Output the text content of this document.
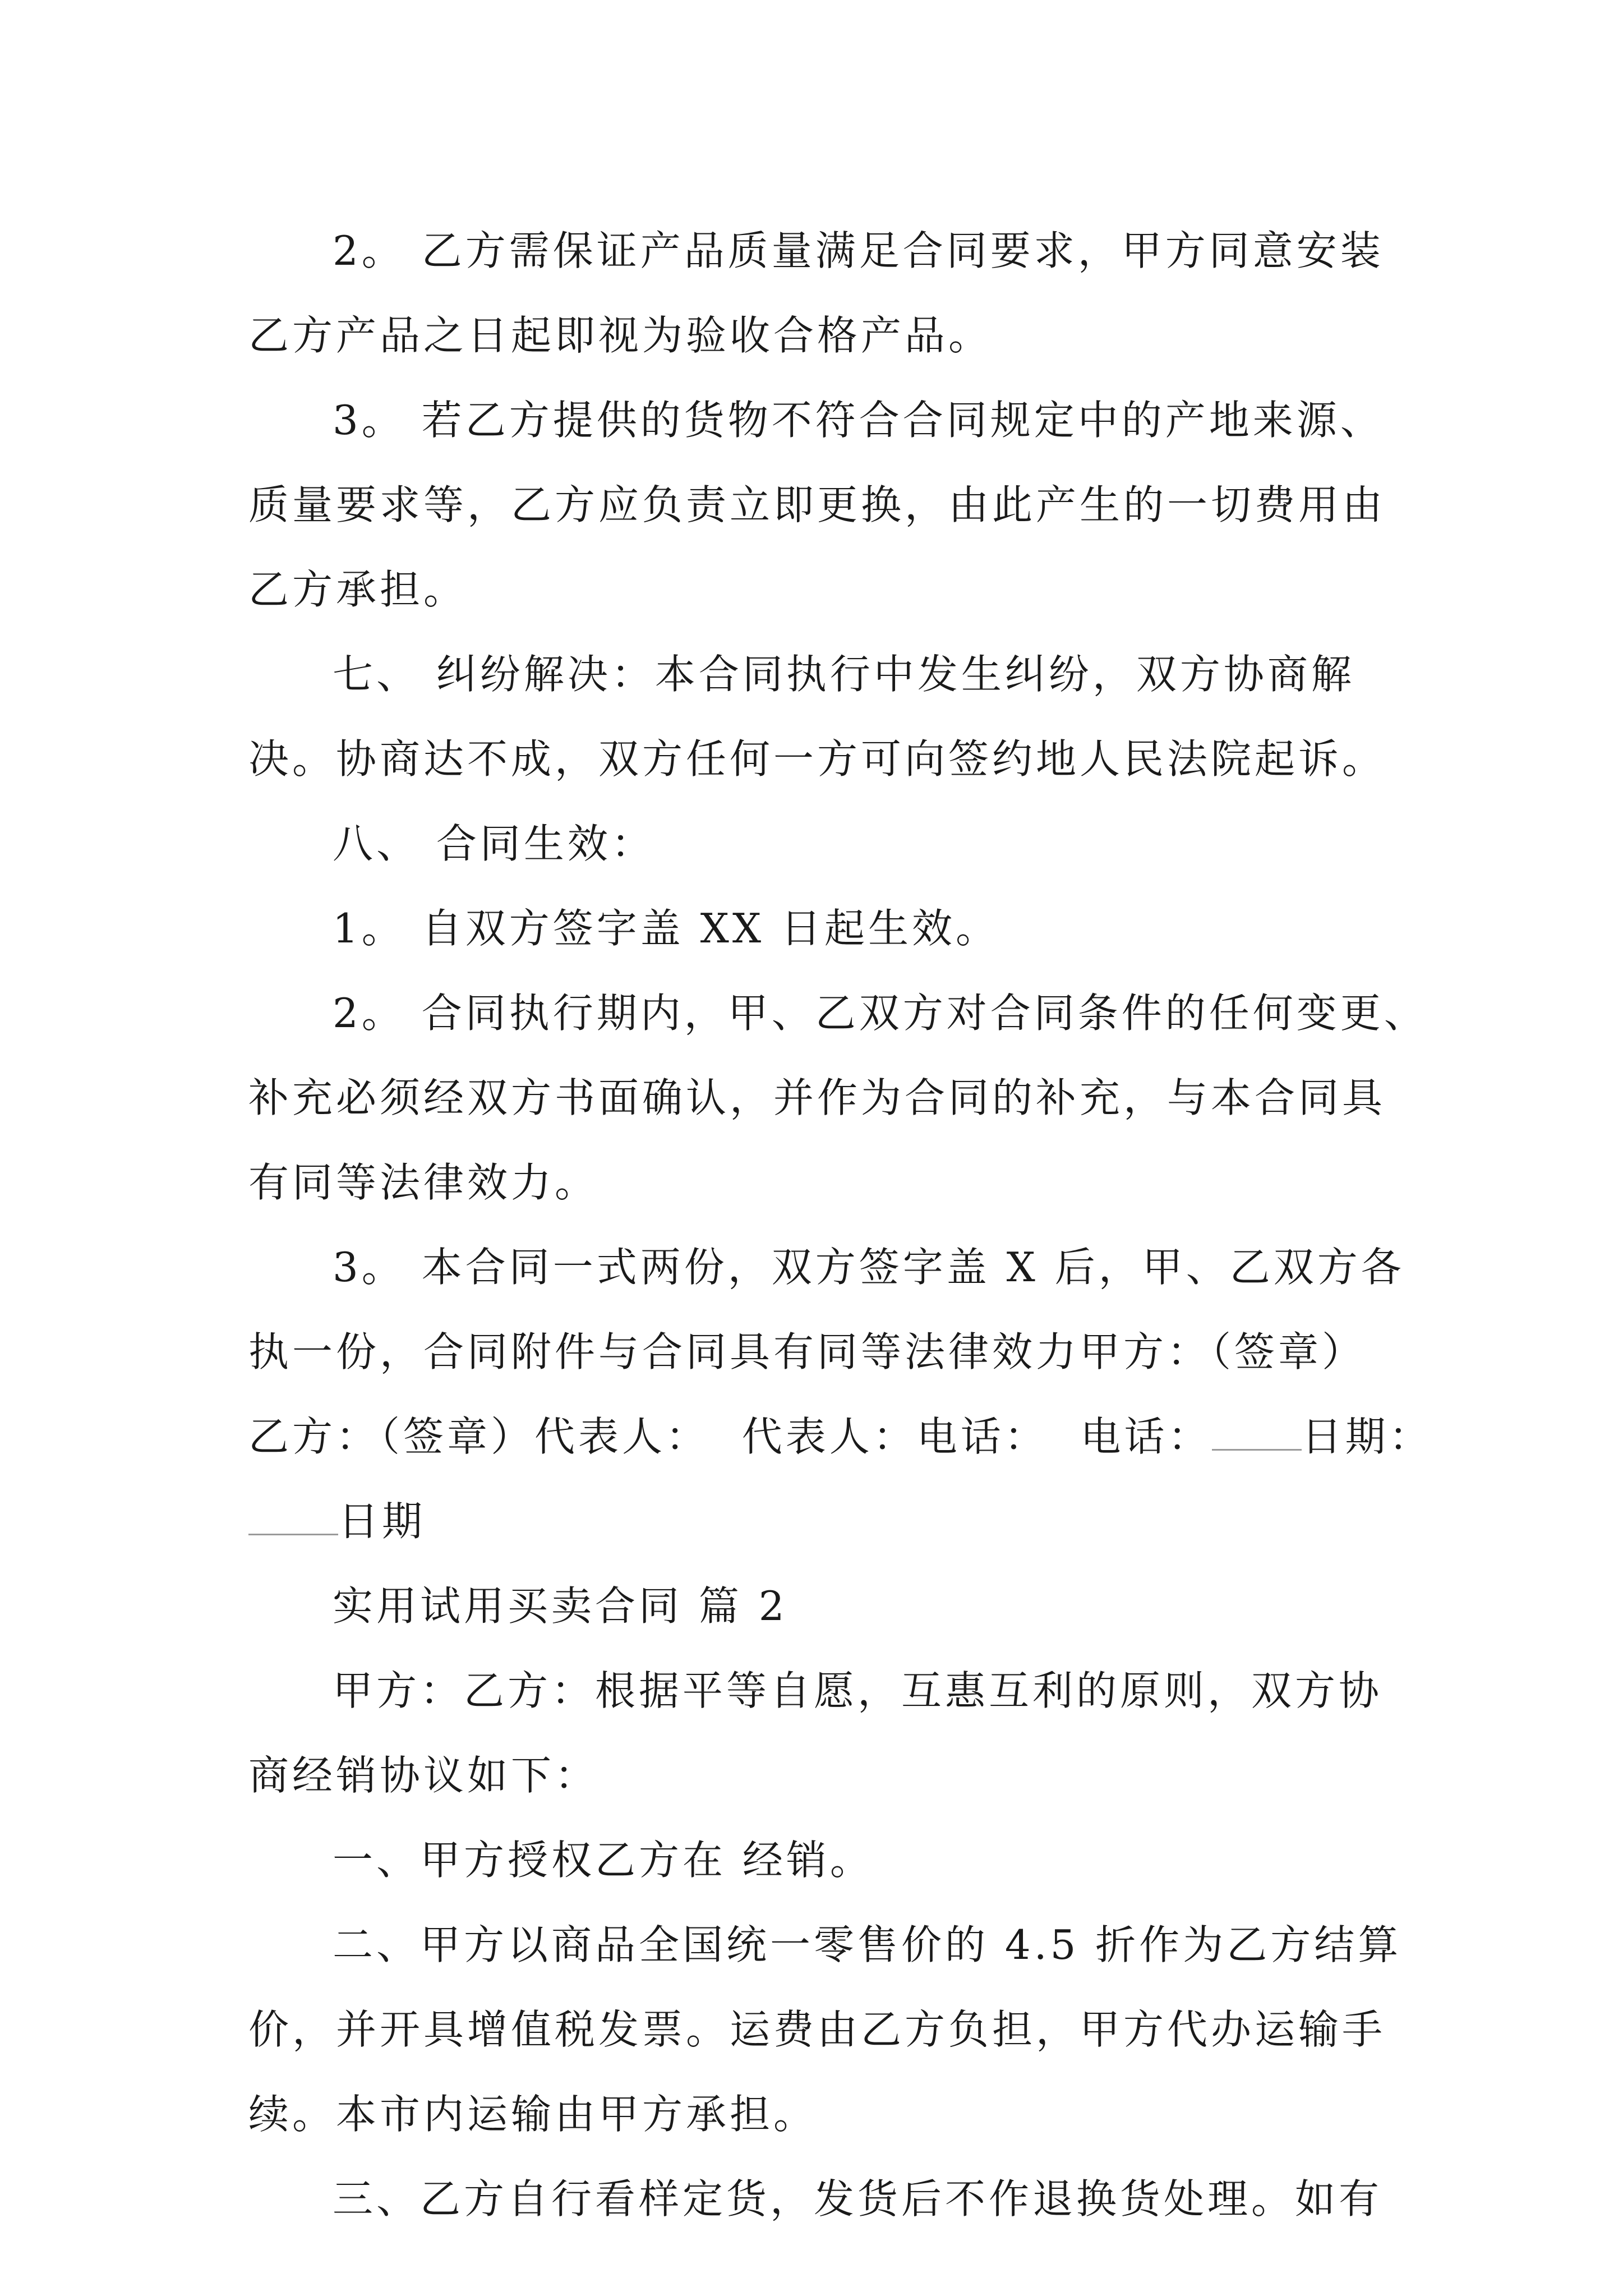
2。 乙方需保证产品质量满足合同要求，甲方同意安装
乙方产品之日起即视为验收合格产品。
3。 若乙方提供的货物不符合合同规定中的产地来源、
质量要求等，乙方应负责立即更换，由此产生的一切费用由
乙方承担。
七、 纠纷解决：本合同执行中发生纠纷，双方协商解
决。协商达不成，双方任何一方可向签约地人民法院起诉。
八、 合同生效：
1。 自双方签字盖 XX 日起生效。
2。 合同执行期内，甲、乙双方对合同条件的任何变更、
补充必须经双方书面确认，并作为合同的补充，与本合同具
有同等法律效力。
3。 本合同一式两份，双方签字盖 X 后，甲、乙双方各
执一份，合同附件与合同具有同等法律效力甲方：（签章）
乙方：（签章）代表人：  代表人：电话：  电话： 日期：
日期
实用试用买卖合同 篇 2
甲方：乙方：根据平等自愿，互惠互利的原则，双方协
商经销协议如下：
一、甲方授权乙方在 经销。
二、甲方以商品全国统一零售价的 4.5 折作为乙方结算
价，并开具增值税发票。运费由乙方负担，甲方代办运输手
续。本市内运输由甲方承担。
三、乙方自行看样定货，发货后不作退换货处理。如有
